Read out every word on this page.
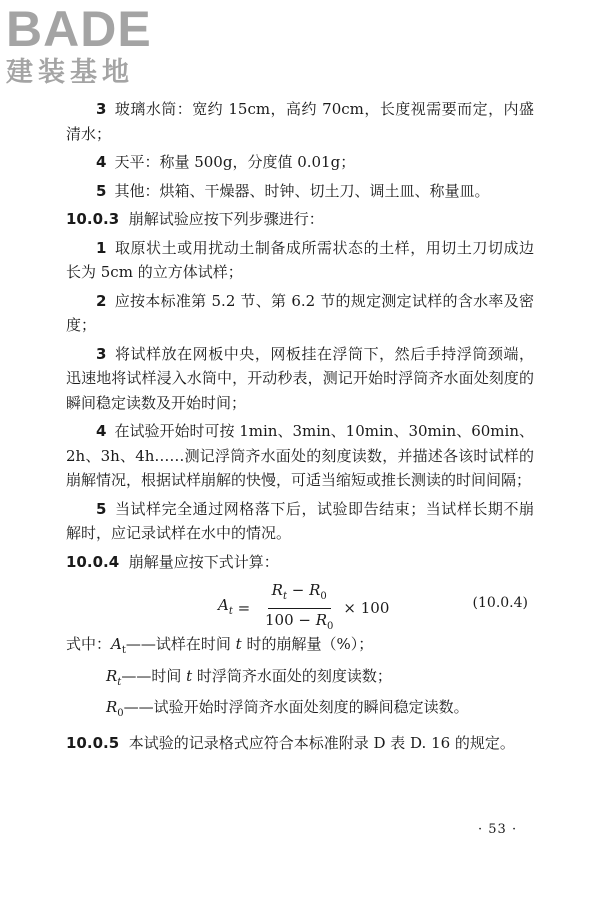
BADE
建装基地

3 玻璃水筒：宽约 15cm，高约 70cm，长度视需要而定，内盛清水；

4 天平：称量 500g，分度值 0.01g；

5 其他：烘箱、干燥器、时钟、切土刀、调土皿、称量皿。

10.0.3 崩解试验应按下列步骤进行：

1 取原状土或用扰动土制备成所需状态的土样，用切土刀切成边长为 5cm 的立方体试样；

2 应按本标准第 5.2 节、第 6.2 节的规定测定试样的含水率及密度；

3 将试样放在网板中央，网板挂在浮筒下，然后手持浮筒颈端，迅速地将试样浸入水筒中，开动秒表，测记开始时浮筒齐水面处刻度的瞬间稳定读数及开始时间；

4 在试验开始时可按 1min、3min、10min、30min、60min、2h、3h、4h……测记浮筒齐水面处的刻度读数，并描述各该时试样的崩解情况，根据试样崩解的快慢，可适当缩短或推长测读的时间间隔；

5 当试样完全通过网格落下后，试验即告结束；当试样长期不崩解时，应记录试样在水中的情况。

10.0.4 崩解量应按下式计算：

$A_t = \frac{R_t - R_0}{100 - R_0} \times 100$	(10.0.4)

式中：$A_t——$试样在时间 t 时的崩解量（%）；

$R_t——$时间 t 时浮筒齐水面处的刻度读数；

$R_0——$试验开始时浮筒齐水面处刻度的瞬间稳定读数。

10.0.5 本试验的记录格式应符合本标准附录 D 表 D. 16 的规定。

· 53 ·
